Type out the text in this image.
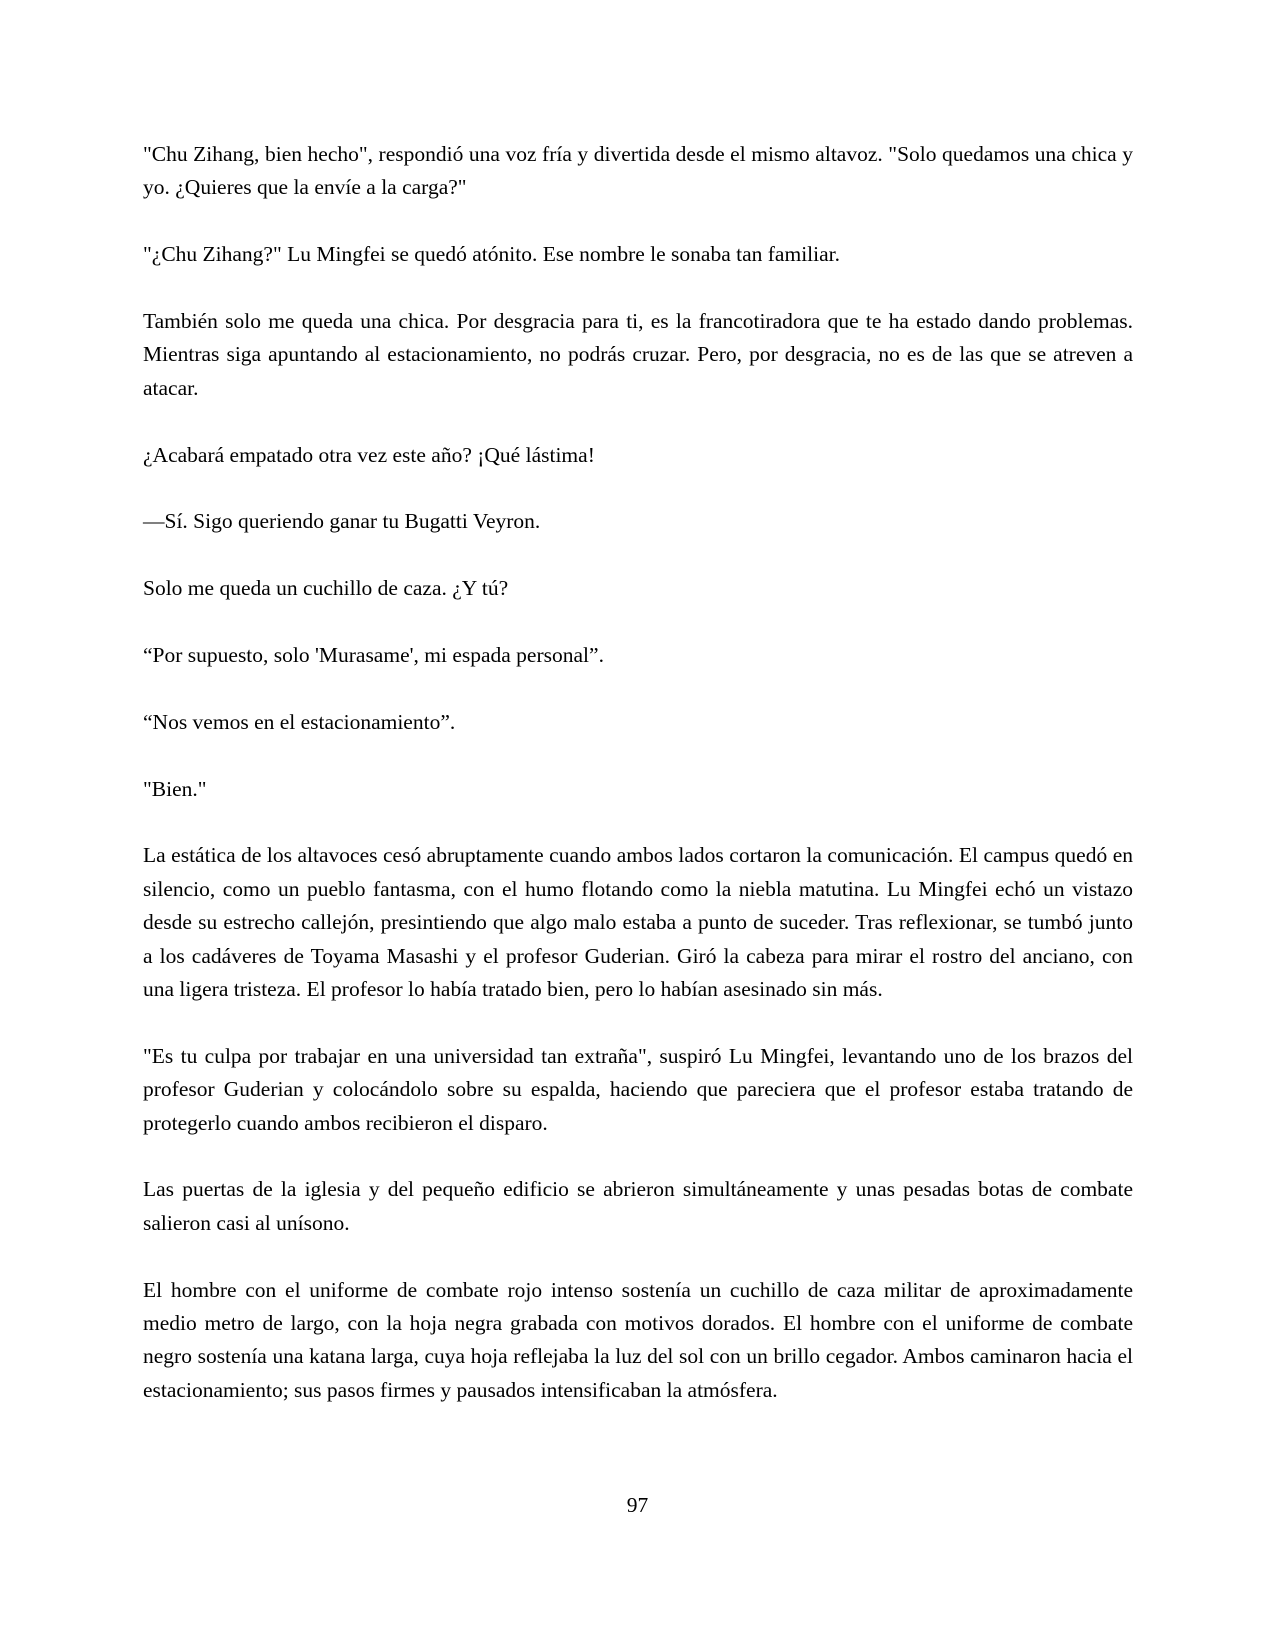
"Chu Zihang, bien hecho", respondió una voz fría y divertida desde el mismo altavoz. "Solo quedamos una chica y yo. ¿Quieres que la envíe a la carga?"

"¿Chu Zihang?" Lu Mingfei se quedó atónito. Ese nombre le sonaba tan familiar.

También solo me queda una chica. Por desgracia para ti, es la francotiradora que te ha estado dando problemas. Mientras siga apuntando al estacionamiento, no podrás cruzar. Pero, por desgracia, no es de las que se atreven a atacar.

¿Acabará empatado otra vez este año? ¡Qué lástima!

—Sí. Sigo queriendo ganar tu Bugatti Veyron.

Solo me queda un cuchillo de caza. ¿Y tú?

“Por supuesto, solo 'Murasame', mi espada personal”.

“Nos vemos en el estacionamiento”.

"Bien."

La estática de los altavoces cesó abruptamente cuando ambos lados cortaron la comunicación. El campus quedó en silencio, como un pueblo fantasma, con el humo flotando como la niebla matutina. Lu Mingfei echó un vistazo desde su estrecho callejón, presintiendo que algo malo estaba a punto de suceder. Tras reflexionar, se tumbó junto a los cadáveres de Toyama Masashi y el profesor Guderian. Giró la cabeza para mirar el rostro del anciano, con una ligera tristeza. El profesor lo había tratado bien, pero lo habían asesinado sin más.

"Es tu culpa por trabajar en una universidad tan extraña", suspiró Lu Mingfei, levantando uno de los brazos del profesor Guderian y colocándolo sobre su espalda, haciendo que pareciera que el profesor estaba tratando de protegerlo cuando ambos recibieron el disparo.

Las puertas de la iglesia y del pequeño edificio se abrieron simultáneamente y unas pesadas botas de combate salieron casi al unísono.

El hombre con el uniforme de combate rojo intenso sostenía un cuchillo de caza militar de aproximadamente medio metro de largo, con la hoja negra grabada con motivos dorados. El hombre con el uniforme de combate negro sostenía una katana larga, cuya hoja reflejaba la luz del sol con un brillo cegador. Ambos caminaron hacia el estacionamiento; sus pasos firmes y pausados intensificaban la atmósfera.

97
